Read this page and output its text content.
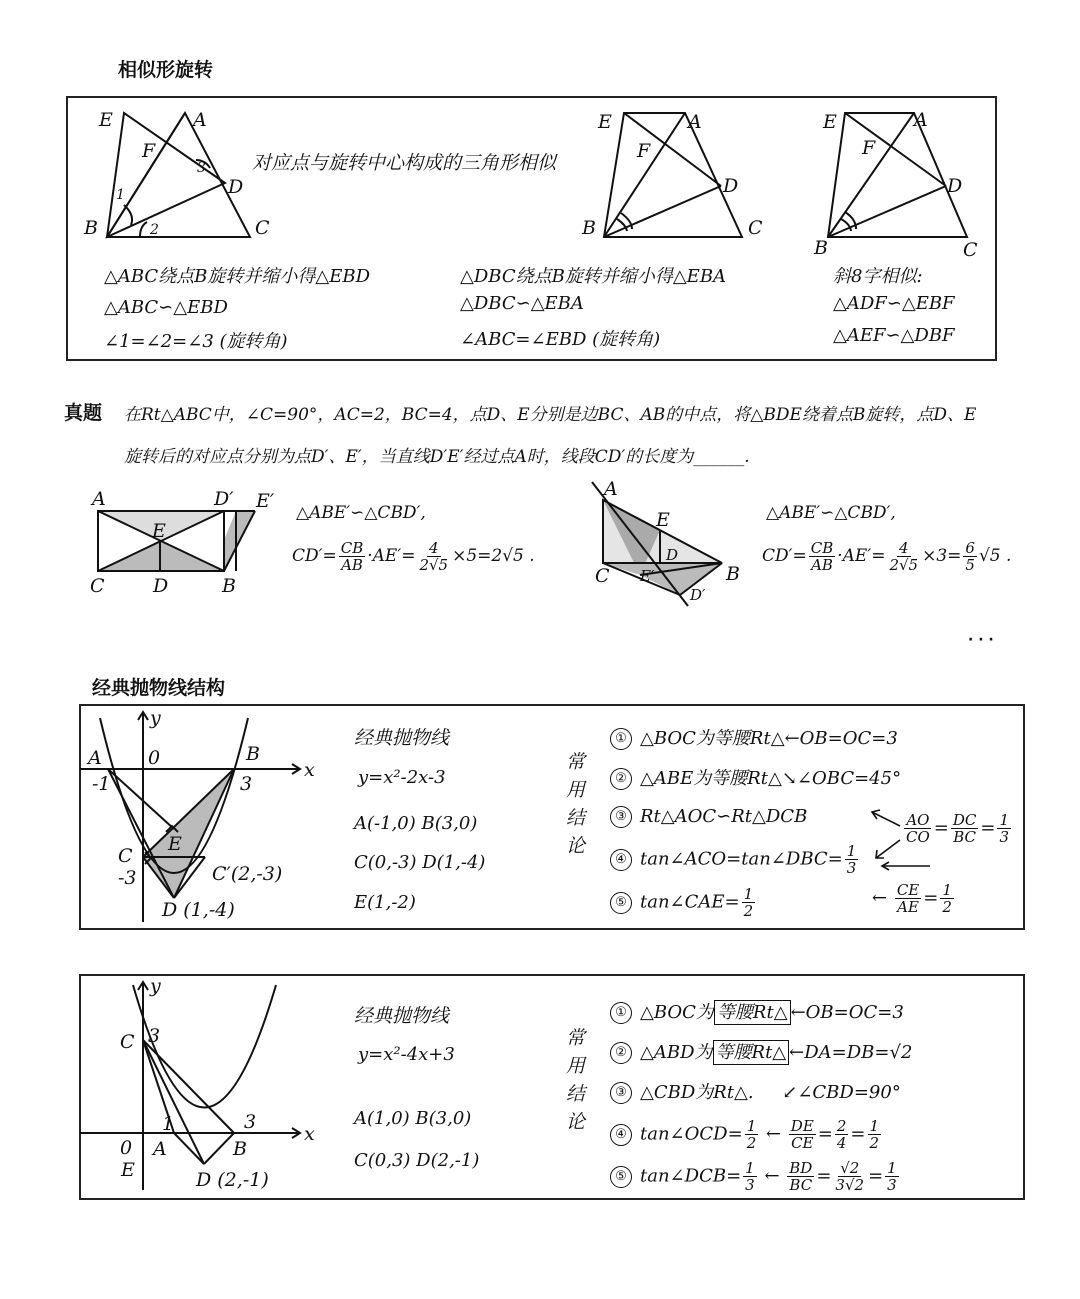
相似形旋转
对应点与旋转中心构成的三角形相似
E	A
F
D
B	C
1
2
3
△ABC绕点B旋转并缩小得△EBD
△ABC∽△EBD
∠1=∠2=∠3 (旋转角)
E	A
F
D
B	C
△DBC绕点B旋转并缩小得△EBA
△DBC∽△EBA
∠ABC=∠EBD (旋转角)
E	A
F
D
B	C
斜8字相似:
△ADF∽△EBF
△AEF∽△DBF
真题 在Rt△ABC中，∠C=90°，AC=2，BC=4，点D、E分别是边BC、AB的中点，将△BDE绕着点B旋转，点D、E
旋转后的对应点分别为点D′、E′，当直线D′E′经过点A时，线段CD′的长度为______.
A	D′ E′
E
C	D	B
△ABE′∽△CBD′,
$CD'= \frac{CB}{AB} \cdot AE'= \frac{4}{2√5} \times 5=2√5$ .
A
E
D
C E′	B
D′
△ABE′∽△CBD′,
$CD'= \frac{CB}{AB} \cdot AE'= \frac{4}{2√5} \times 3= \frac{6}{5} √5$ .
· · ·
经典抛物线结构
y
x
A 0	B
-1	3
C
-3
E
C′(2,-3)
D (1,-4)
经典抛物线
y=x²-2x-3
A(-1,0) B(3,0)
C(0,-3) D(1,-4)
E(1,-2)
常用结论
① △BOC为等腰Rt△←OB=OC=3
② △ABE为等腰Rt△↘∠OBC=45°
③ Rt△AOC∽Rt△DCB	$\frac{AO}{CO} = \frac{DC}{BC} = \frac{1}{3}$
④ tan∠ACO=tan∠DBC= $\frac{1}{3}$
⑤ tan∠CAE= $\frac{1}{2}$	← $\frac{CE}{AE} = \frac{1}{2}$
y
x
C 3
0 A
1
E
B
3
D (2,-1)
经典抛物线
y=x²-4x+3
A(1,0) B(3,0)
C(0,3) D(2,-1)
常用结论
① △BOC为 等腰Rt△ ←OB=OC=3
② △ABD为 等腰Rt△ ←DA=DB=√2
③ △CBD为Rt△. ↙∠CBD=90°
④ tan∠OCD= $\frac{1}{2}$ ← $\frac{DE}{CE} = \frac{2}{4} = \frac{1}{2}$
⑤ tan∠DCB= $\frac{1}{3}$ ← $\frac{BD}{BC} = \frac{√2}{3√2} = \frac{1}{3}$
